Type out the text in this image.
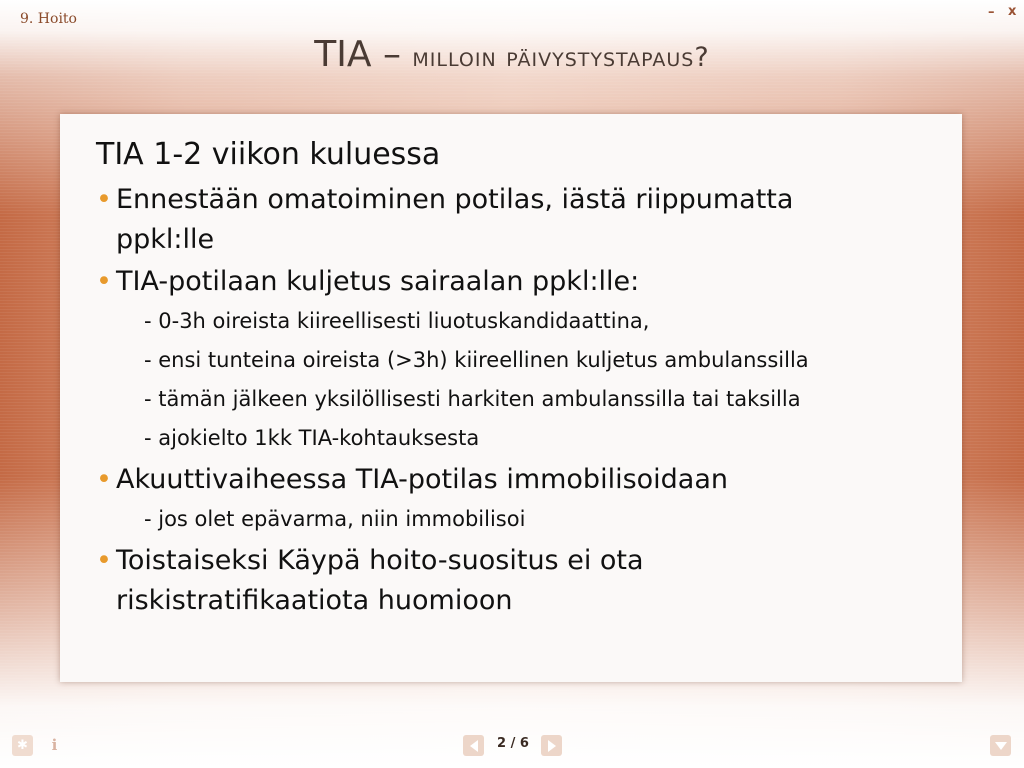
9. Hoito	– x
TIA – milloin päivystystapaus?
TIA 1-2 viikon kuluessa
• Ennestään omatoiminen potilas, iästä riippumatta
ppkl:lle
• TIA-potilaan kuljetus sairaalan ppkl:lle:
- 0-3h oireista kiireellisesti liuotuskandidaattina,
- ensi tunteina oireista (>3h) kiireellinen kuljetus ambulanssilla
- tämän jälkeen yksilöllisesti harkiten ambulanssilla tai taksilla
- ajokielto 1kk TIA-kohtauksesta
• Akuuttivaiheessa TIA-potilas immobilisoidaan
- jos olet epävarma, niin immobilisoi
• Toistaiseksi Käypä hoito-suositus ei ota
riskistratifikaatiota huomioon
✱	i	2 / 6
